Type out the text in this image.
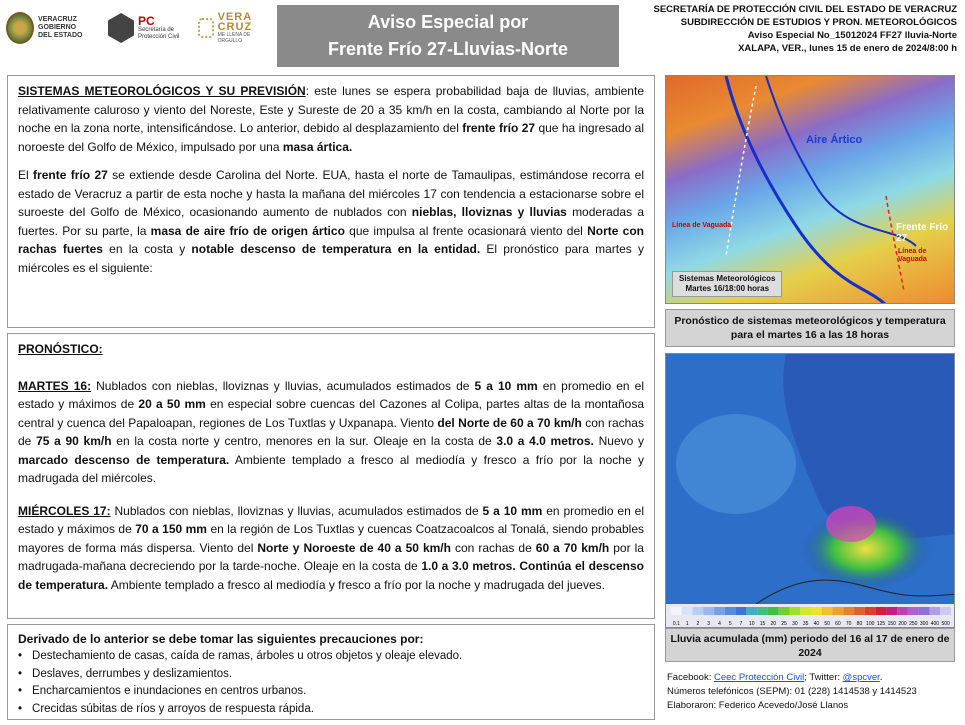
VERACRUZ
GOBIERNO
DEL ESTADO
PC
Secretaría de
Protección Civil
VERA
CRUZ
ME LLENA DE ORGULLO
Aviso Especial por
Frente Frío 27-Lluvias-Norte
SECRETARÍA DE PROTECCIÓN CIVIL DEL ESTADO DE VERACRUZ
SUBDIRECCIÓN DE ESTUDIOS Y PRON. METEOROLÓGICOS
Aviso Especial No_15012024 FF27 lluvia-Norte
XALAPA, VER., lunes 15 de enero de 2024/8:00 h

SISTEMAS METEOROLÓGICOS Y SU PREVISIÓN: este lunes se espera probabilidad baja de lluvias, ambiente relativamente caluroso y viento del Noreste, Este y Sureste de 20 a 35 km/h en la costa, cambiando al Norte por la noche en la zona norte, intensificándose. Lo anterior, debido al desplazamiento del frente frío 27 que ha ingresado al noroeste del Golfo de México, impulsado por una masa ártica.

El frente frío 27 se extiende desde Carolina del Norte. EUA, hasta el norte de Tamaulipas, estimándose recorra el estado de Veracruz a partir de esta noche y hasta la mañana del miércoles 17 con tendencia a estacionarse sobre el suroeste del Golfo de México, ocasionando aumento de nublados con nieblas, lloviznas y lluvias moderadas a fuertes. Por su parte, la masa de aire frío de origen ártico que impulsa al frente ocasionará viento del Norte con rachas fuertes en la costa y notable descenso de temperatura en la entidad. El pronóstico para martes y miércoles es el siguiente:

PRONÓSTICO:

MARTES 16: Nublados con nieblas, lloviznas y lluvias, acumulados estimados de 5 a 10 mm en promedio en el estado y máximos de 20 a 50 mm en especial sobre cuencas del Cazones al Colipa, partes altas de la montañosa central y cuenca del Papaloapan, regiones de Los Tuxtlas y Uxpanapa. Viento del Norte de 60 a 70 km/h con rachas de 75 a 90 km/h en la costa norte y centro, menores en la sur. Oleaje en la costa de 3.0 a 4.0 metros. Nuevo y marcado descenso de temperatura. Ambiente templado a fresco al mediodía y fresco a frío por la noche y madrugada del miércoles.

MIÉRCOLES 17: Nublados con nieblas, lloviznas y lluvias, acumulados estimados de 5 a 10 mm en promedio en el estado y máximos de 70 a 150 mm en la región de Los Tuxtlas y cuencas Coatzacoalcos al Tonalá, siendo probables mayores de forma más dispersa. Viento del Norte y Noroeste de 40 a 50 km/h con rachas de 60 a 70 km/h por la madrugada-mañana decreciendo por la tarde-noche. Oleaje en la costa de 1.0 a 3.0 metros. Continúa el descenso de temperatura. Ambiente templado a fresco al mediodía y fresco a frío por la noche y madrugada del jueves.

Derivado de lo anterior se debe tomar las siguientes precauciones por:
• Destechamiento de casas, caída de ramas, árboles u otros objetos y oleaje elevado.
• Deslaves, derrumbes y deslizamientos.
• Encharcamientos e inundaciones en centros urbanos.
• Crecidas súbitas de ríos y arroyos de respuesta rápida.
Aire Ártico
Frente Frío 27
Línea de Vaguada
Línea de Vaguada
Sistemas Meteorológicos
Martes 16/18:00 horas
Pronóstico de sistemas meteorológicos y temperatura para el martes 16 a las 18 horas
0.1 1 2 3 4 5 7 10 15 20 25 30 35 40 50 60 70 80 100 125 150 200 250 300 400 500
Lluvia acumulada (mm) periodo del 16 al 17 de enero de 2024
Facebook: Ceec Protección Civil; Twitter: @spcver.
Números telefónicos (SEPM): 01 (228) 1414538 y 1414523
Elaboraron: Federico Acevedo/José Llanos
